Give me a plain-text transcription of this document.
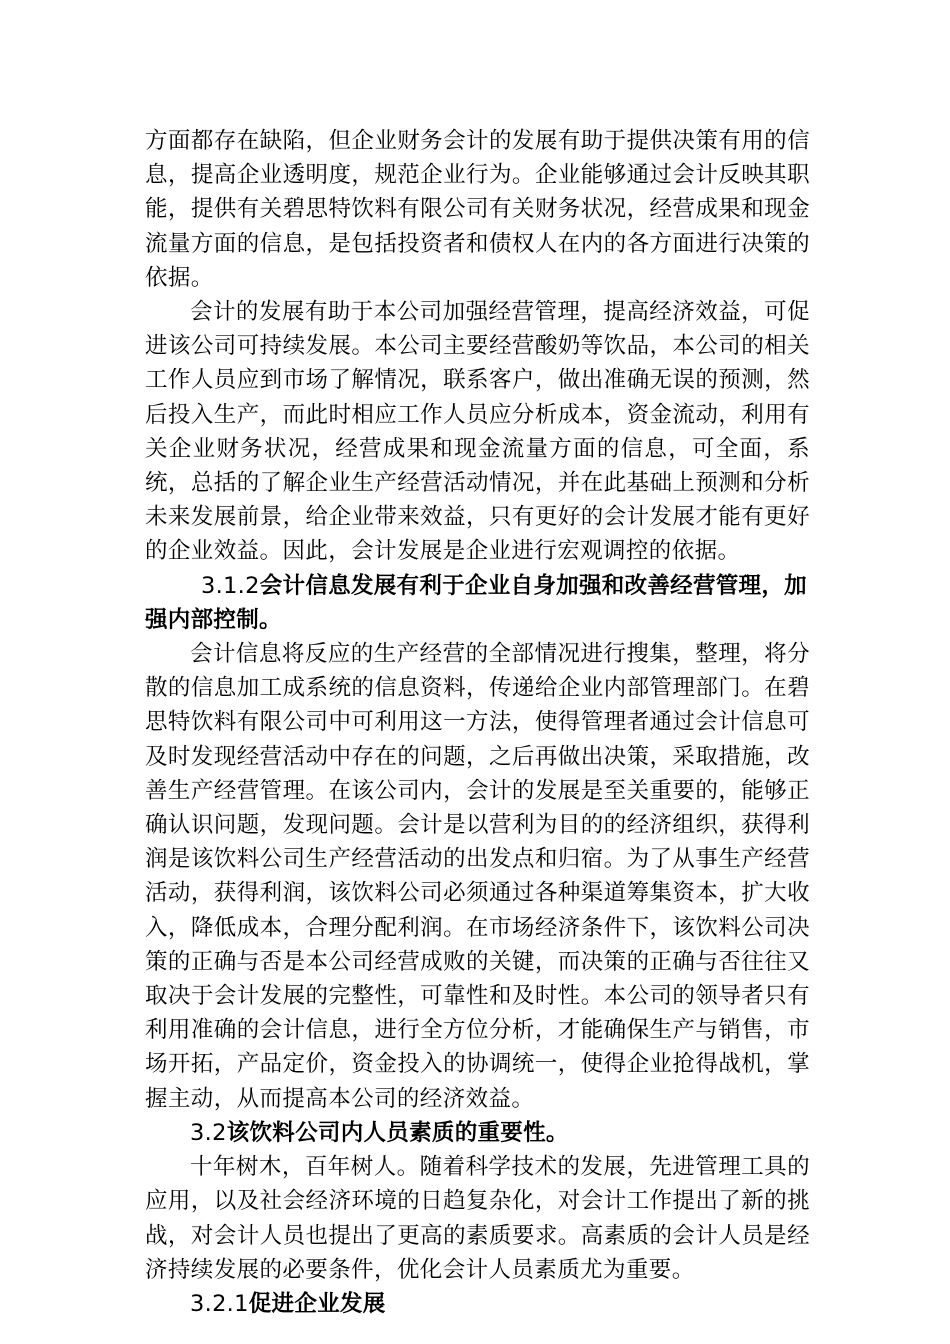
方面都存在缺陷，但企业财务会计的发展有助于提供决策有用的信息，提高企业透明度，规范企业行为。企业能够通过会计反映其职能，提供有关碧思特饮料有限公司有关财务状况，经营成果和现金流量方面的信息，是包括投资者和债权人在内的各方面进行决策的依据。

会计的发展有助于本公司加强经营管理，提高经济效益，可促进该公司可持续发展。本公司主要经营酸奶等饮品，本公司的相关工作人员应到市场了解情况，联系客户，做出准确无误的预测，然后投入生产，而此时相应工作人员应分析成本，资金流动，利用有关企业财务状况，经营成果和现金流量方面的信息，可全面，系统，总括的了解企业生产经营活动情况，并在此基础上预测和分析未来发展前景，给企业带来效益，只有更好的会计发展才能有更好的企业效益。因此，会计发展是企业进行宏观调控的依据。

3.1.2会计信息发展有利于企业自身加强和改善经营管理，加强内部控制。

会计信息将反应的生产经营的全部情况进行搜集，整理，将分散的信息加工成系统的信息资料，传递给企业内部管理部门。在碧思特饮料有限公司中可利用这一方法，使得管理者通过会计信息可及时发现经营活动中存在的问题，之后再做出决策，采取措施，改善生产经营管理。在该公司内，会计的发展是至关重要的，能够正确认识问题，发现问题。会计是以营利为目的的经济组织，获得利润是该饮料公司生产经营活动的出发点和归宿。为了从事生产经营活动，获得利润，该饮料公司必须通过各种渠道筹集资本，扩大收入，降低成本，合理分配利润。在市场经济条件下，该饮料公司决策的正确与否是本公司经营成败的关键，而决策的正确与否往往又取决于会计发展的完整性，可靠性和及时性。本公司的领导者只有利用准确的会计信息，进行全方位分析，才能确保生产与销售，市场开拓，产品定价，资金投入的协调统一，使得企业抢得战机，掌握主动，从而提高本公司的经济效益。

3.2该饮料公司内人员素质的重要性。

十年树木，百年树人。随着科学技术的发展，先进管理工具的应用，以及社会经济环境的日趋复杂化，对会计工作提出了新的挑战，对会计人员也提出了更高的素质要求。高素质的会计人员是经济持续发展的必要条件，优化会计人员素质尤为重要。

3.2.1促进企业发展
